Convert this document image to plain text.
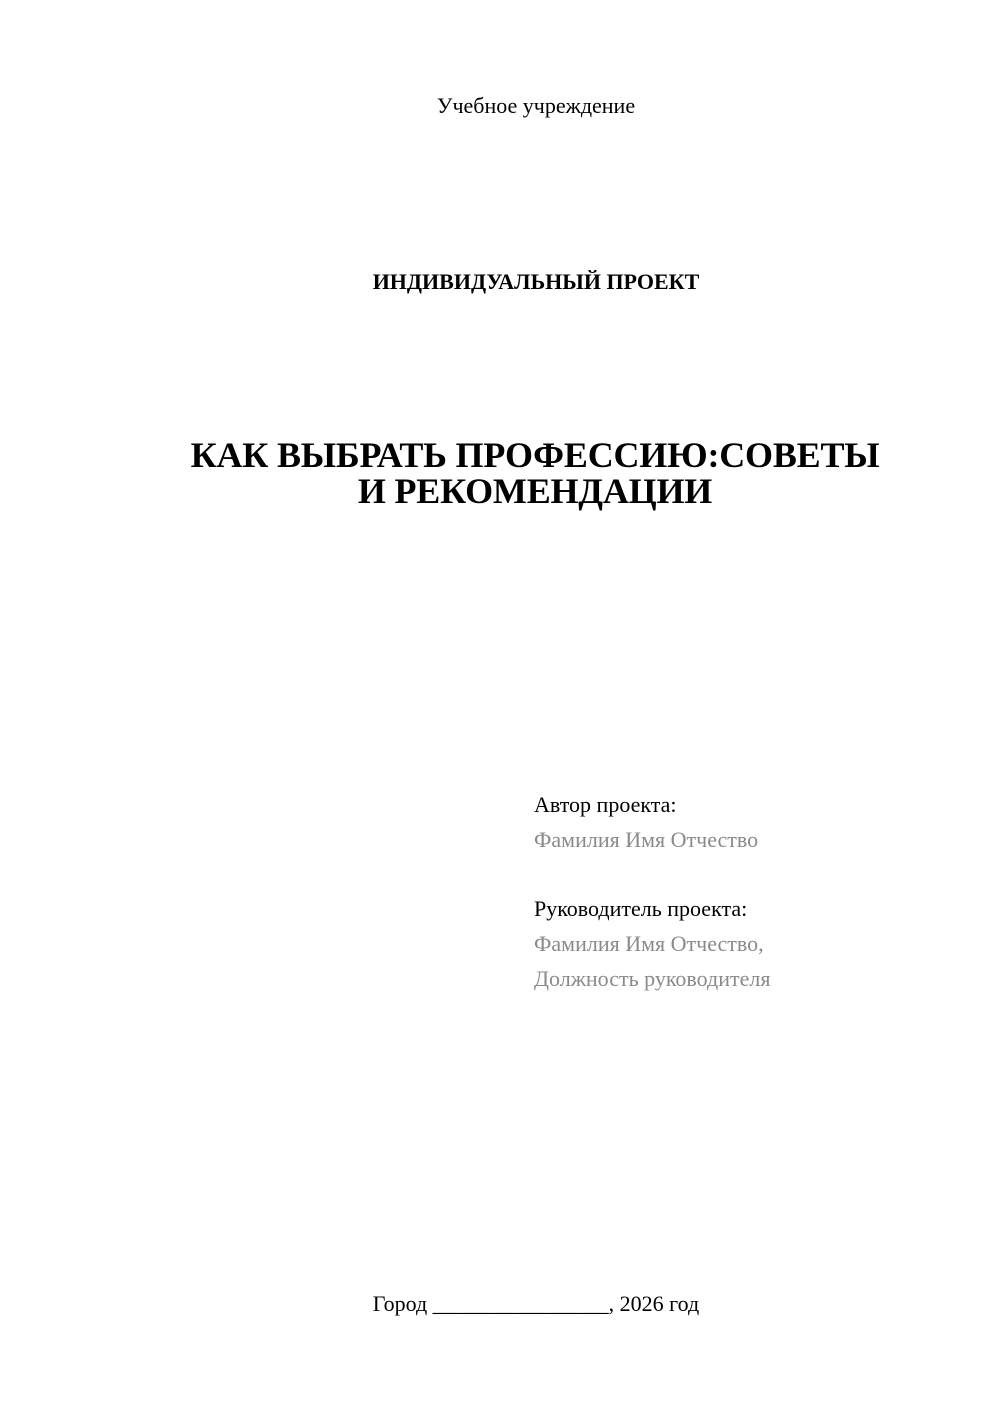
Учебное учреждение
ИНДИВИДУАЛЬНЫЙ ПРОЕКТ
КАК ВЫБРАТЬ ПРОФЕССИЮ:СОВЕТЫ
И РЕКОМЕНДАЦИИ
Автор проекта:
Фамилия Имя Отчество
Руководитель проекта:
Фамилия Имя Отчество,
Должность руководителя
Город ________________, 2026 год
